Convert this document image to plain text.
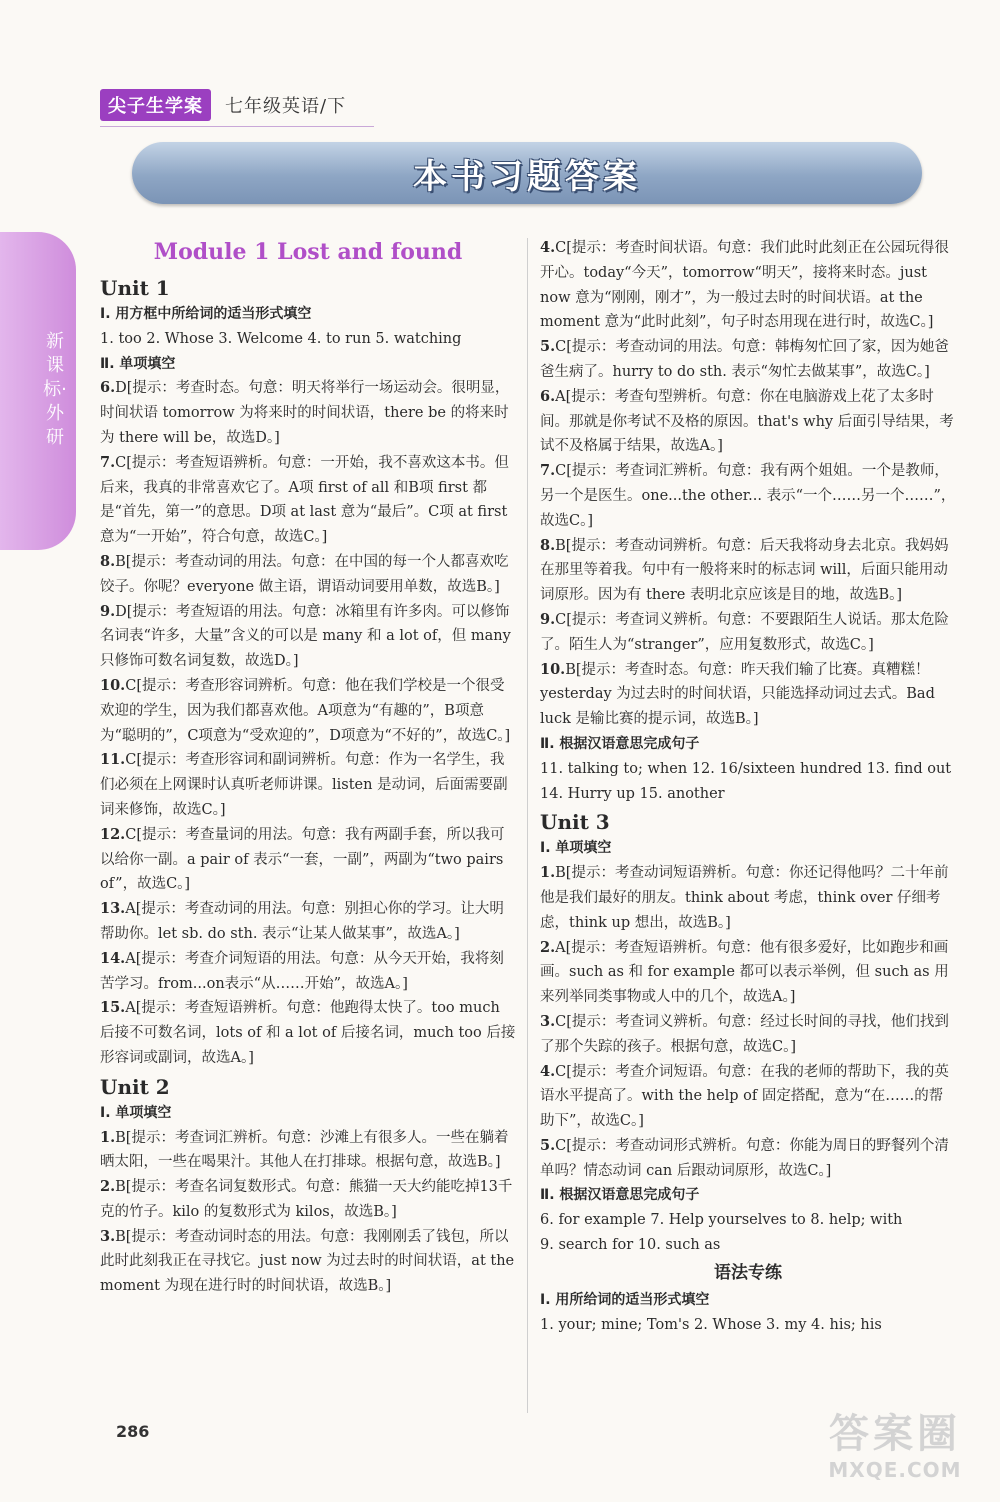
尖子生学案	七年级英语/下
本书习题答案
新课标·外研
Module 1 Lost and found
Unit 1
Ⅰ. 用方框中所给词的适当形式填空
1. too 2. Whose 3. Welcome 4. to run 5. watching
Ⅱ. 单项填空
6.D[提示：考查时态。句意：明天将举行一场运动会。很明显，时间状语 tomorrow 为将来时的时间状语，there be 的将来时为 there will be，故选D。]
7.C[提示：考查短语辨析。句意：一开始，我不喜欢这本书。但后来，我真的非常喜欢它了。A项 first of all 和B项 first 都是“首先，第一”的意思。D项 at last 意为“最后”。C项 at first 意为“一开始”，符合句意，故选C。]
8.B[提示：考查动词的用法。句意：在中国的每一个人都喜欢吃饺子。你呢？everyone 做主语，谓语动词要用单数，故选B。]
9.D[提示：考查短语的用法。句意：冰箱里有许多肉。可以修饰名词表“许多，大量”含义的可以是 many 和 a lot of，但 many 只修饰可数名词复数，故选D。]
10.C[提示：考查形容词辨析。句意：他在我们学校是一个很受欢迎的学生，因为我们都喜欢他。A项意为“有趣的”，B项意为“聪明的”，C项意为“受欢迎的”，D项意为“不好的”，故选C。]
11.C[提示：考查形容词和副词辨析。句意：作为一名学生，我们必须在上网课时认真听老师讲课。listen 是动词，后面需要副词来修饰，故选C。]
12.C[提示：考查量词的用法。句意：我有两副手套，所以我可以给你一副。a pair of 表示“一套，一副”，两副为“two pairs of”，故选C。]
13.A[提示：考查动词的用法。句意：别担心你的学习。让大明帮助你。let sb. do sth. 表示“让某人做某事”，故选A。]
14.A[提示：考查介词短语的用法。句意：从今天开始，我将刻苦学习。from...on表示“从……开始”，故选A。]
15.A[提示：考查短语辨析。句意：他跑得太快了。too much 后接不可数名词，lots of 和 a lot of 后接名词，much too 后接形容词或副词，故选A。]
Unit 2
Ⅰ. 单项填空
1.B[提示：考查词汇辨析。句意：沙滩上有很多人。一些在躺着晒太阳，一些在喝果汁。其他人在打排球。根据句意，故选B。]
2.B[提示：考查名词复数形式。句意：熊猫一天大约能吃掉13千克的竹子。kilo 的复数形式为 kilos，故选B。]
3.B[提示：考查动词时态的用法。句意：我刚刚丢了钱包，所以此时此刻我正在寻找它。just now 为过去时的时间状语，at the moment 为现在进行时的时间状语，故选B。]
4.C[提示：考查时间状语。句意：我们此时此刻正在公园玩得很开心。today“今天”，tomorrow“明天”，接将来时态。just now 意为“刚刚，刚才”，为一般过去时的时间状语。at the moment 意为“此时此刻”，句子时态用现在进行时，故选C。]
5.C[提示：考查动词的用法。句意：韩梅匆忙回了家，因为她爸爸生病了。hurry to do sth. 表示“匆忙去做某事”，故选C。]
6.A[提示：考查句型辨析。句意：你在电脑游戏上花了太多时间。那就是你考试不及格的原因。that's why 后面引导结果，考试不及格属于结果，故选A。]
7.C[提示：考查词汇辨析。句意：我有两个姐姐。一个是教师，另一个是医生。one...the other... 表示“一个……另一个……”，故选C。]
8.B[提示：考查动词辨析。句意：后天我将动身去北京。我妈妈在那里等着我。句中有一般将来时的标志词 will，后面只能用动词原形。因为有 there 表明北京应该是目的地，故选B。]
9.C[提示：考查词义辨析。句意：不要跟陌生人说话。那太危险了。陌生人为“stranger”，应用复数形式，故选C。]
10.B[提示：考查时态。句意：昨天我们输了比赛。真糟糕！yesterday 为过去时的时间状语，只能选择动词过去式。Bad luck 是输比赛的提示词，故选B。]
Ⅱ. 根据汉语意思完成句子
11. talking to; when 12. 16/sixteen hundred 13. find out
14. Hurry up 15. another
Unit 3
Ⅰ. 单项填空
1.B[提示：考查动词短语辨析。句意：你还记得他吗？二十年前他是我们最好的朋友。think about 考虑，think over 仔细考虑，think up 想出，故选B。]
2.A[提示：考查短语辨析。句意：他有很多爱好，比如跑步和画画。such as 和 for example 都可以表示举例，但 such as 用来列举同类事物或人中的几个，故选A。]
3.C[提示：考查词义辨析。句意：经过长时间的寻找，他们找到了那个失踪的孩子。根据句意，故选C。]
4.C[提示：考查介词短语。句意：在我的老师的帮助下，我的英语水平提高了。with the help of 固定搭配，意为“在……的帮助下”，故选C。]
5.C[提示：考查动词形式辨析。句意：你能为周日的野餐列个清单吗？情态动词 can 后跟动词原形，故选C。]
Ⅱ. 根据汉语意思完成句子
6. for example 7. Help yourselves to 8. help; with
9. search for 10. such as
语法专练
Ⅰ. 用所给词的适当形式填空
1. your; mine; Tom's 2. Whose 3. my 4. his; his
286	答案圈
MXQE.COM
